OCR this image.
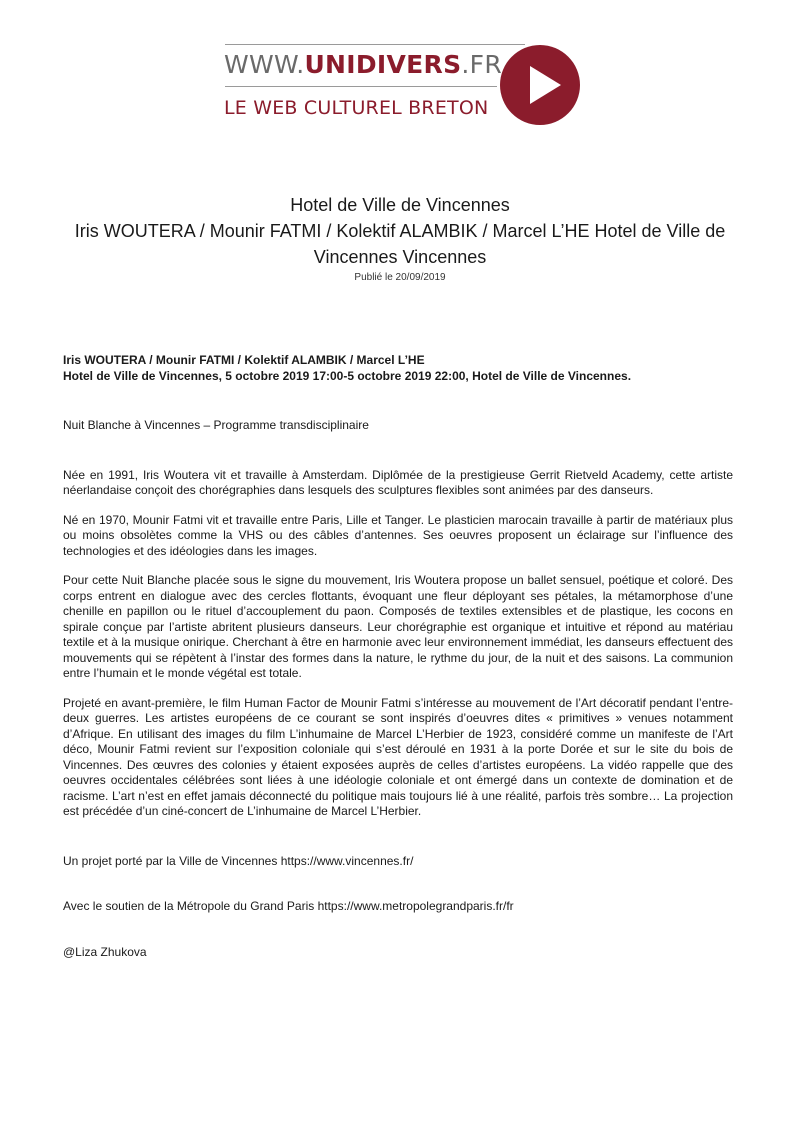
WWW.UNIDIVERS.FR
LE WEB CULTUREL BRETON
Hotel de Ville de Vincennes
Iris WOUTERA / Mounir FATMI / Kolektif ALAMBIK / Marcel L’HE Hotel de Ville de Vincennes Vincennes
Publié le 20/09/2019
Iris WOUTERA / Mounir FATMI / Kolektif ALAMBIK / Marcel L’HE
Hotel de Ville de Vincennes, 5 octobre 2019 17:00-5 octobre 2019 22:00, Hotel de Ville de Vincennes.

Nuit Blanche à Vincennes – Programme transdisciplinaire

Née en 1991, Iris Woutera vit et travaille à Amsterdam. Diplômée de la prestigieuse Gerrit Rietveld Academy, cette artiste néerlandaise conçoit des chorégraphies dans lesquels des sculptures flexibles sont animées par des danseurs.

Né en 1970, Mounir Fatmi vit et travaille entre Paris, Lille et Tanger. Le plasticien marocain travaille à partir de matériaux plus ou moins obsolètes comme la VHS ou des câbles d’antennes. Ses oeuvres proposent un éclairage sur l’influence des technologies et des idéologies dans les images.

Pour cette Nuit Blanche placée sous le signe du mouvement, Iris Woutera propose un ballet sensuel, poétique et coloré. Des corps entrent en dialogue avec des cercles flottants, évoquant une fleur déployant ses pétales, la métamorphose d’une chenille en papillon ou le rituel d’accouplement du paon. Composés de textiles extensibles et de plastique, les cocons en spirale conçue par l’artiste abritent plusieurs danseurs. Leur chorégraphie est organique et intuitive et répond au matériau textile et à la musique onirique. Cherchant à être en harmonie avec leur environnement immédiat, les danseurs effectuent des mouvements qui se répètent à l’instar des formes dans la nature, le rythme du jour, de la nuit et des saisons. La communion entre l’humain et le monde végétal est totale.

Projeté en avant-première, le film Human Factor de Mounir Fatmi s’intéresse au mouvement de l’Art décoratif pendant l’entre-deux guerres. Les artistes européens de ce courant se sont inspirés d’oeuvres dites « primitives » venues notamment d’Afrique. En utilisant des images du film L’inhumaine de Marcel L’Herbier de 1923, considéré comme un manifeste de l’Art déco, Mounir Fatmi revient sur l’exposition coloniale qui s’est déroulé en 1931 à la porte Dorée et sur le site du bois de Vincennes. Des œuvres des colonies y étaient exposées auprès de celles d’artistes européens. La vidéo rappelle que des oeuvres occidentales célébrées sont liées à une idéologie coloniale et ont émergé dans un contexte de domination et de racisme. L’art n’est en effet jamais déconnecté du politique mais toujours lié à une réalité, parfois très sombre… La projection est précédée d’un ciné-concert de L’inhumaine de Marcel L’Herbier.

Un projet porté par la Ville de Vincennes https://www.vincennes.fr/

Avec le soutien de la Métropole du Grand Paris https://www.metropolegrandparis.fr/fr

@Liza Zhukova
